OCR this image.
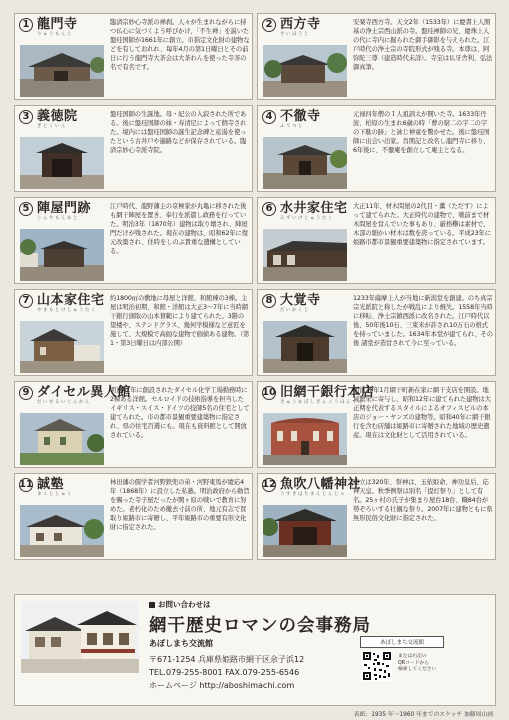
1 龍門寺
りゅうもんじ
臨済宗妙心寺派の禅刹。人々が生まれながらに持つ仏心に気づくよう呼びかけ、「不生禅」を説いた盤珪国師が1661年に創立。市指定文化財の建物などを有しておれれ、毎年4月の第1日曜日とその前日に行う龍門寺大茶会は大茶わんを使った寺茶の名で有名です。
2 西方寺
さいほうじ
安楽寺西方寺。天文2年（1533年）に慶書上人開基の浄土宗西山派の寺。盤珪禅師の兄、慶珠上人の代に寺内に掘られた御手御影を与えられた。江戸時代の浄土宗の寺院形式が残る寺。本尊は、阿弥陀三尊（建造時代未詳）。寺宝は仏牙舎利、弘法御真筆。
3 義徳院
ぎとくいん
盤珪国師の生誕地。母・妃公の入寂された所である。後に盤珪国師の妹・寿清尼によって個寺された。境内には盤珪国師の誕生記念碑と産湯を使ったという古井戸や遍路などが保存されている。臨済宗妙心寺派寺院。
4 不徹寺
ふてつじ
元禄四年僧の１人祖訓太が開いた寺。1633年丹波、柏原の生まれ6歳の時「曹の窮二の字二の字の下駄の跡」と詠じ神童を驚かせた。後に盤珪国師に出会い出家。肖関記と改名し龍門寺に移り、6年後に、不徹庵を創立して庵主となる。
5 陣屋門跡
じんやもんあと
江戸時代、龍野藩主の京極家が丸亀に移された後も網干陣屋を置き、奉行を派遣し政務を行っていた。明治3年（1870年）建物は取り壊され、陣屋門だけが残された。現在の建物は、昭和62年に復元改築され、住時をしのぶ貴重な遺構としている。
6 水井家住宅
みずいけじゅうたく
大正11年、材木問屋の2代目・薫（ただす）によって建てられた。大正時代の建物で、戦前まで材木問屋を営んでいた事もあり、厳格欅は素材で、木部の細かい材木は数を誇っている。平成23年に姫路市都市景観重要建築物に指定されています。
7 山本家住宅
やまもとけじゅうたく
約1800㎡の敷地に母屋と洋館、和館棟の3棟。主屋は明治初期、和館・洋館は大正3〜7年に当時網干銀行頭取の山本賀範により建てられた。3階の望楼や、ステンドグラス、幾何学模様など意匠を施して、大規模で高価な建物で価値ある建物。（第1・第3日曜日は内部公開）
8 大覚寺
だいかくじ
1233年薩摩上人が当地に新潟堂を創建。のち真宗宗光派院と称したが戦乱により焼失。1558年当時に移転、浄土宗鎮西派に改名された。江戸時代以後、50年後10石、三束米が許され10万石の格式を持っていました。1634年本堂が建てられ、その後 諸堂が造営されて今に至っている。
9 ダイセル異人館
だいせるいじんかん
明治41年に創設されたダイセル化学工場勤務時に2棟ある洋館。セルロイドの技術指導を担当したイギリス・スイス・ドイツの技師5名の住宅として建てられた。市の都市景観重要建築物に指定され、県の住宅百選にも。現在も資料館として開放されている。
10 旧網干銀行本店
きゅうあぼしぎんこうほんてん
明治29年1月網干町新在家に網干支店を開設。地域繁栄に寄与し、昭和12年に建てられた建物は大正期を代表するスタイルによるオフィスビルの本店のジョー・ヤンズの建物等。昭和40年に網干銀行を含む店舗は姫路市に寄贈された地域の歴史遺産。現在は文化財として活用されている。
11 誠塾
まことじゅく
林田藩の儒学者河野鉄兜の弟・河野東馬が慶応4年（1868年）に設立した私塾。明治政府から勅旨を賜った寺子屋だったが関ヶ原の戦いで教育に努めた。老朽化のため撤去寸前の所、地元有志で買取り姫路市に寄贈し、平年姫路市の重要有形文化財に指定された。
12 魚吹八幡神社
うすきはちまんじんじゃ
建立は320年、祭神は、玉依姫命、神功皇后、応神天皇。秋季例祭は別名「提灯祭り」として有名。25ヶ村の氏子が集まり屋台18台、幟84台が勢ぞろいする壮観な祭り。2007年に建物ともに県無形民俗文化財に指定された。
お問い合わせは
網干歴史ロマンの会事務局
あぼしまち交流館
〒671-1254 兵庫県姫路市網干区余子浜12
TEL.079-255-8001 FAX.079-255-6546
ホームページ http://aboshimachi.com
あぼしまち交流館
または右記の
QRコードから
検索してください
表紙：1935 年〜1960 年までのスケッチ 加藤周山画
